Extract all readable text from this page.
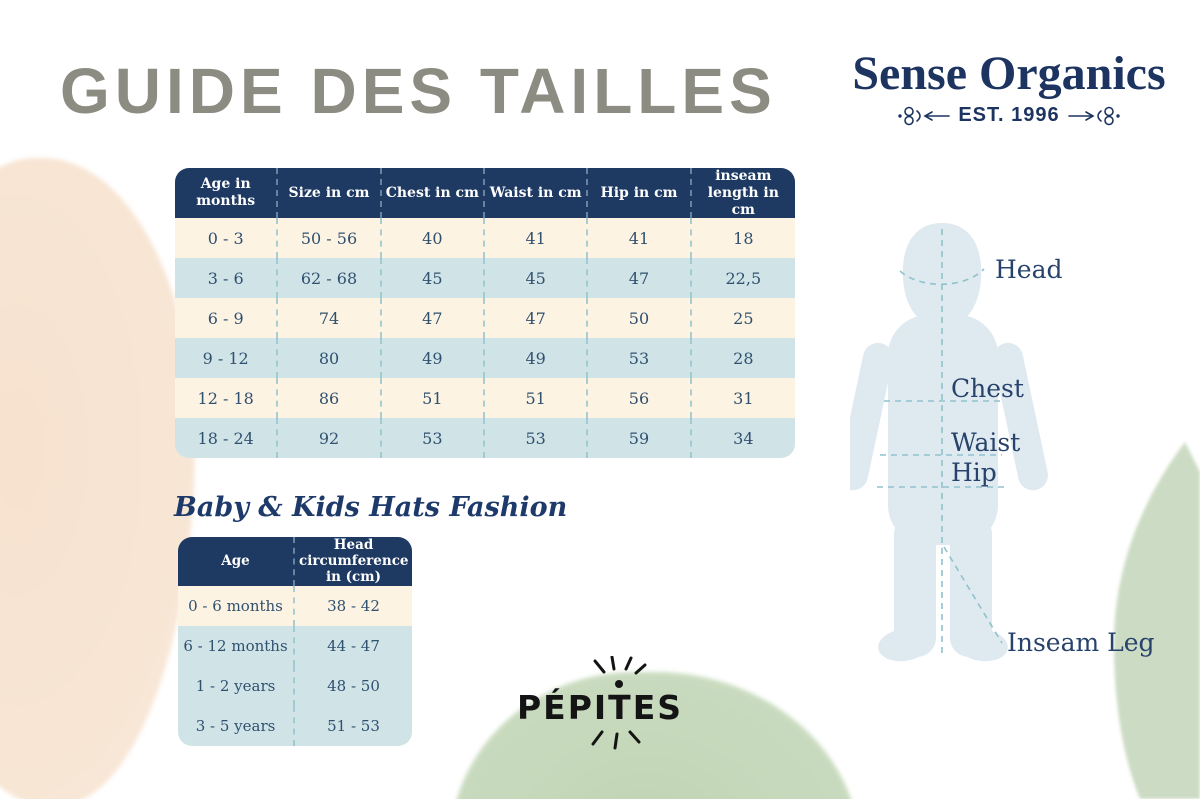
GUIDE DES TAILLES Sense Organics
EST. 1996
Age in months	Size in cm	Chest in cm	Waist in cm	Hip in cm	inseam length in cm
0 - 3	50 - 56	40	41	41	18
3 - 6	62 - 68	45	45	47	22,5
6 - 9	74	47	47	50	25
9 - 12	80	49	49	53	28
12 - 18	86	51	51	56	31
18 - 24	92	53	53	59	34
Baby & Kids Hats Fashion
Age	Head circumference in (cm)
0 - 6 months	38 - 42
6 - 12 months	44 - 47
1 - 2 years	48 - 50
3 - 5 years	51 - 53
Head
Chest
Waist
Hip
Inseam Leg
PÉPITES
